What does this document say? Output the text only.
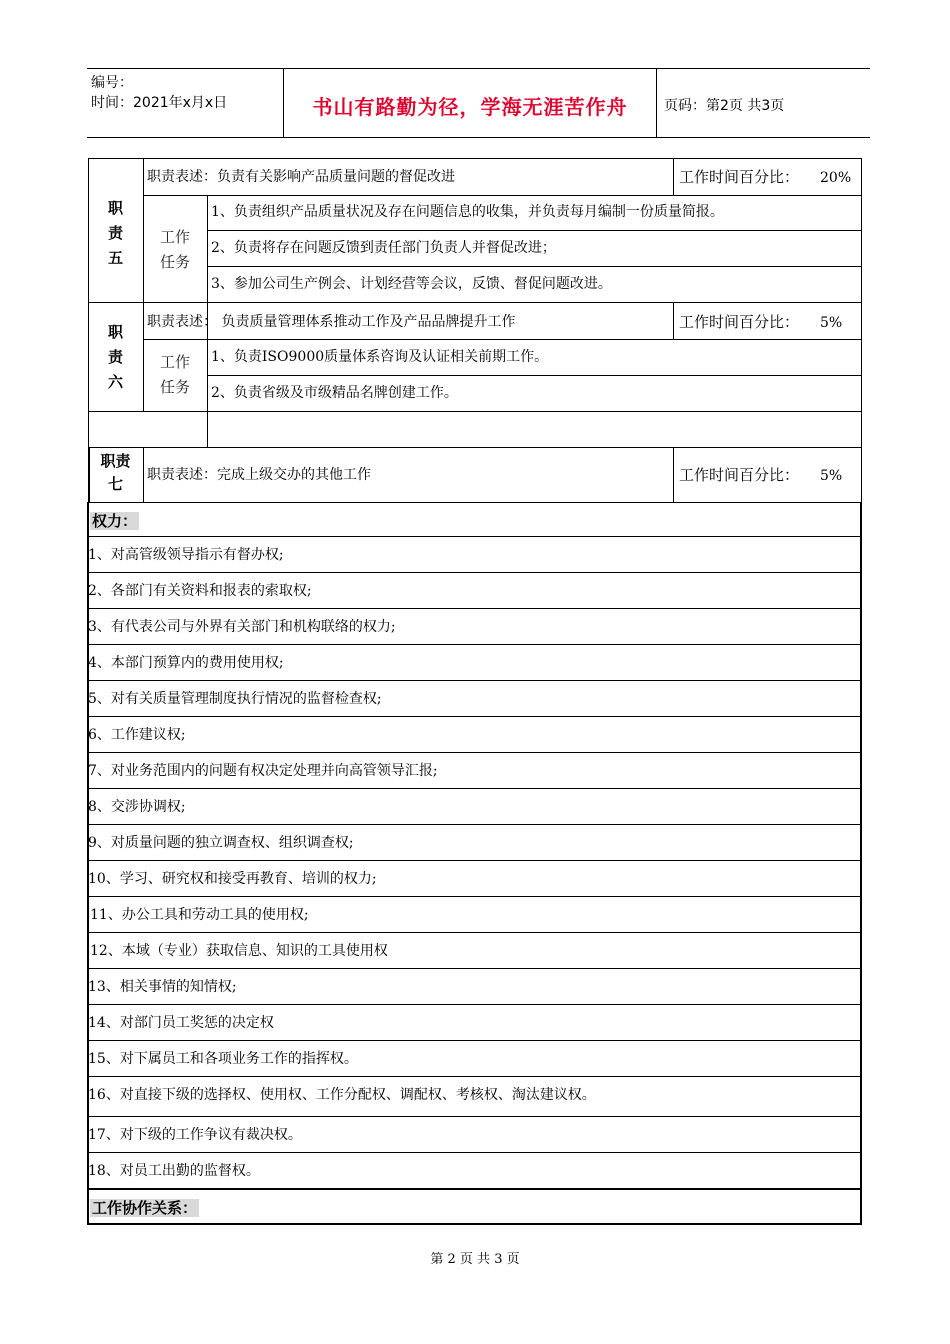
编号：
时间：2021年x月x日	书山有路勤为径，学海无涯苦作舟	页码：第2页 共3页
职
责
五
职责表述：负责有关影响产品质量问题的督促改进	工作时间百分比： 20%
工作
任务
1、负责组织产品质量状况及存在问题信息的收集，并负责每月编制一份质量简报。
2、负责将存在问题反馈到责任部门负责人并督促改进；
3、参加公司生产例会、计划经营等会议，反馈、督促问题改进。
职
责
六
职责表述： 负责质量管理体系推动工作及产品品牌提升工作	工作时间百分比： 5%
工作
任务
1、负责ISO9000质量体系咨询及认证相关前期工作。
2、负责省级及市级精品名牌创建工作。
职责
七	职责表述：完成上级交办的其他工作	工作时间百分比： 5%
权力：
1、对高管级领导指示有督办权;
2、各部门有关资料和报表的索取权;
3、有代表公司与外界有关部门和机构联络的权力;
4、本部门预算内的费用使用权;
5、对有关质量管理制度执行情况的监督检查权;
6、工作建议权;
7、对业务范围内的问题有权决定处理并向高管领导汇报;
8、交涉协调权;
9、对质量问题的独立调查权、组织调查权;
10、学习、研究权和接受再教育、培训的权力;
11、办公工具和劳动工具的使用权;
12、本域（专业）获取信息、知识的工具使用权
13、相关事情的知情权;
14、对部门员工奖惩的决定权
15、对下属员工和各项业务工作的指挥权。
16、对直接下级的选择权、使用权、工作分配权、调配权、考核权、淘汰建议权。
17、对下级的工作争议有裁决权。
18、对员工出勤的监督权。
工作协作关系：
第 2 页 共 3 页
